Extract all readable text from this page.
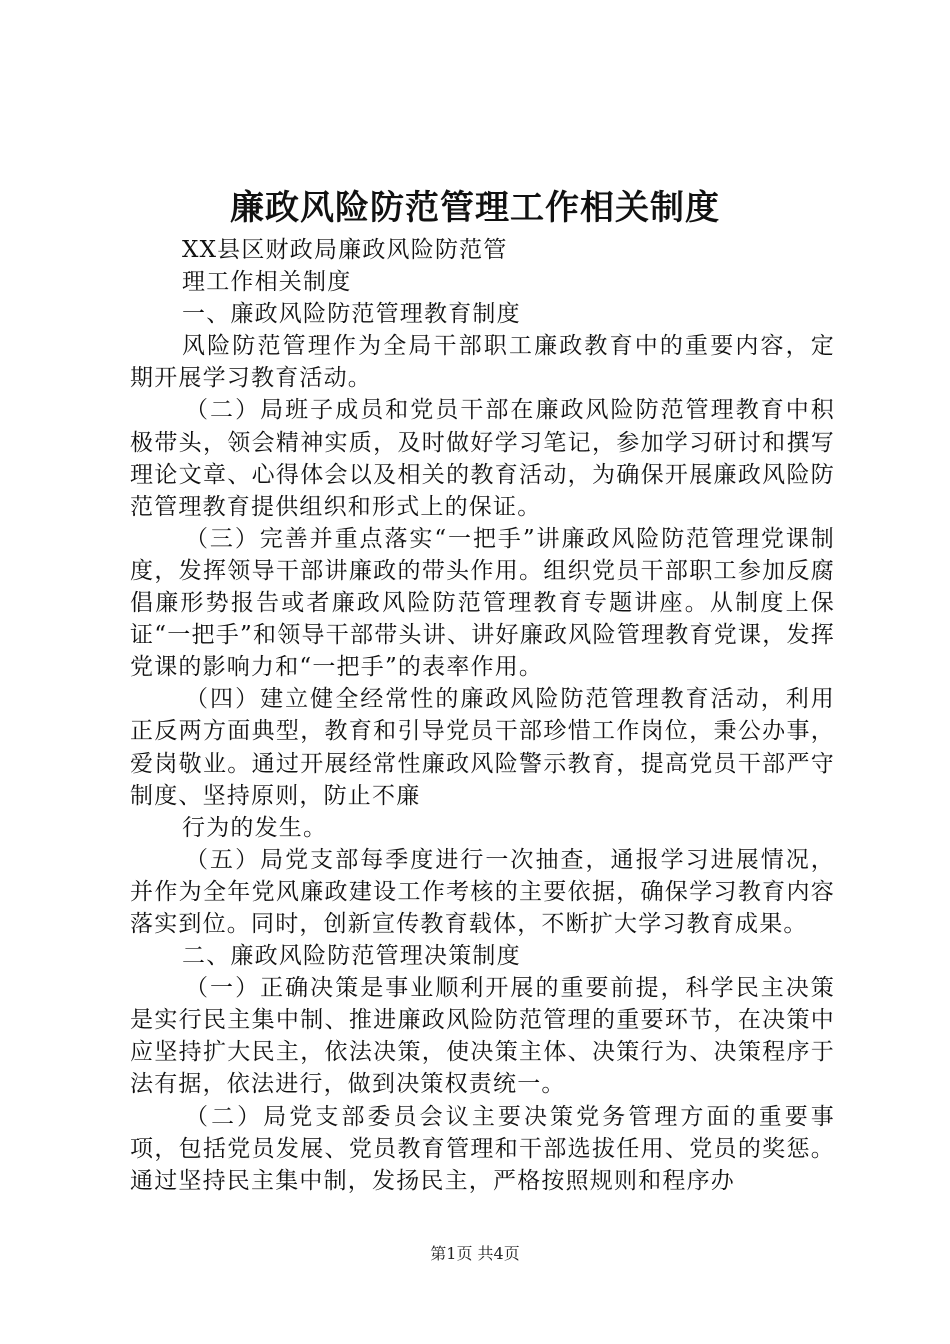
廉政风险防范管理工作相关制度

XX县区财政局廉政风险防范管

理工作相关制度

一、廉政风险防范管理教育制度

风险防范管理作为全局干部职工廉政教育中的重要内容，定期开展学习教育活动。

（二）局班子成员和党员干部在廉政风险防范管理教育中积极带头，领会精神实质，及时做好学习笔记，参加学习研讨和撰写理论文章、心得体会以及相关的教育活动，为确保开展廉政风险防范管理教育提供组织和形式上的保证。

（三）完善并重点落实“一把手”讲廉政风险防范管理党课制度，发挥领导干部讲廉政的带头作用。组织党员干部职工参加反腐倡廉形势报告或者廉政风险防范管理教育专题讲座。从制度上保证“一把手”和领导干部带头讲、讲好廉政风险管理教育党课，发挥党课的影响力和“一把手”的表率作用。

（四）建立健全经常性的廉政风险防范管理教育活动，利用正反两方面典型，教育和引导党员干部珍惜工作岗位，秉公办事，爱岗敬业。通过开展经常性廉政风险警示教育，提高党员干部严守制度、坚持原则，防止不廉

行为的发生。

（五）局党支部每季度进行一次抽查，通报学习进展情况，并作为全年党风廉政建设工作考核的主要依据，确保学习教育内容落实到位。同时，创新宣传教育载体，不断扩大学习教育成果。

二、廉政风险防范管理决策制度

（一）正确决策是事业顺利开展的重要前提，科学民主决策是实行民主集中制、推进廉政风险防范管理的重要环节，在决策中应坚持扩大民主，依法决策，使决策主体、决策行为、决策程序于法有据，依法进行，做到决策权责统一。

（二）局党支部委员会议主要决策党务管理方面的重要事项，包括党员发展、党员教育管理和干部选拔任用、党员的奖惩。通过坚持民主集中制，发扬民主，严格按照规则和程序办

第1页 共4页
